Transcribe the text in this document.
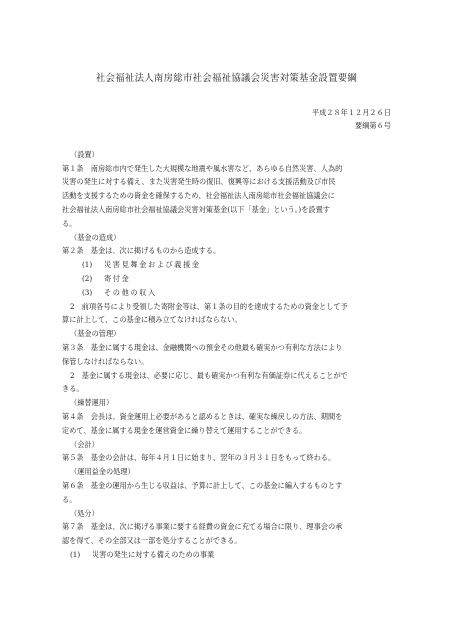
社会福祉法人南房総市社会福祉協議会災害対策基金設置要綱
平成２８年１２月２６日
要綱第６号
（設置）
第１条　 南房総市内で発生した大規模な地震や風水害など、あらゆる自然災害、人為的
災害の発生に対する備え、また災害発生時の復旧、復興等における支援活動及び市民
活動を支援するための資金を確保するため、社会福祉法人南房総市社会福祉協議会に
社会福祉法人南房総市社会福祉協議会災害対策基金(以下「基金」という。)を設置す
る。
（基金の造成）
第２条　 基金は、次に掲げるものから造成する。
(1) 災害見舞金および義援金
(2) 寄付金
(3) その他の収入
2　 前項各号により受領した寄附金等は、第１条の目的を達成するための資金として予
算に計上して、この基金に積み立てなければならない。
（基金の管理）
第３条　 基金に属する現金は、金融機関への預金その他最も確実かつ有利な方法により
保管しなければならない。
2　 基金に属する現金は、必要に応じ、最も確実かつ有利な有価証券に代えることがで
きる。
（繰替運用）
第４条　 会長は、資金運用上必要があると認めるときは、確実な繰戻しの方法、期間を
定めて、基金に属する現金を運営資金に繰り替えて運用することができる。
（会計）
第５条　 基金の会計は、毎年４月１日に始まり、翌年の３月３１日をもって終わる。
（運用益金の処理）
第６条　 基金の運用から生じる収益は、予算に計上して、この基金に編入するものとす
る。
（処分）
第７条　 基金は、次に掲げる事業に要する経費の資金に充てる場合に限り、理事会の承
認を得て、その全部又は一部を処分することができる。
(1) 災害の発生に対する備えのための事業
